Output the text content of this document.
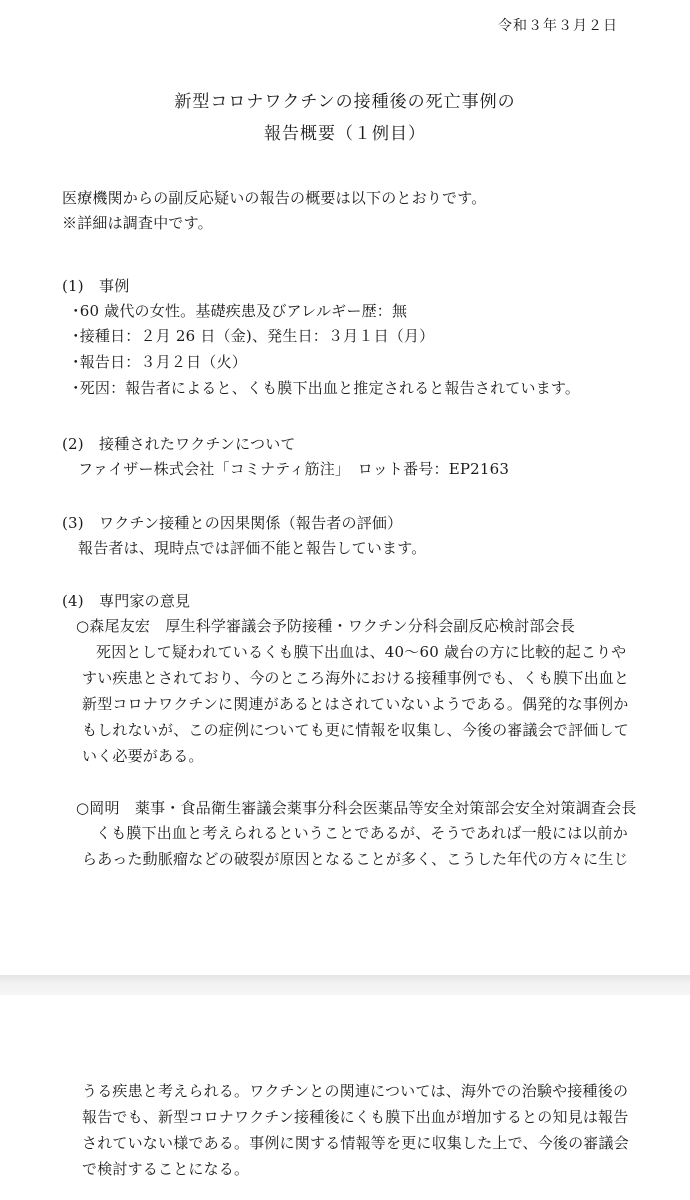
令和３年３月２日
新型コロナワクチンの接種後の死亡事例の
報告概要（１例目）
医療機関からの副反応疑いの報告の概要は以下のとおりです。
※詳細は調査中です。
(1)　事例
･60 歳代の女性。基礎疾患及びアレルギー歴：無
･接種日：２月 26 日（金)、発生日：３月１日（月）
･報告日：３月２日（火）
･死因：報告者によると、くも膜下出血と推定されると報告されています。
(2)　接種されたワクチンについて
ファイザー株式会社「コミナティ筋注」　ロット番号：EP2163
(3)　ワクチン接種との因果関係（報告者の評価）
報告者は、現時点では評価不能と報告しています。
(4)　専門家の意見
○森尾友宏　厚生科学審議会予防接種・ワクチン分科会副反応検討部会長
死因として疑われているくも膜下出血は、40～60 歳台の方に比較的起こりや
すい疾患とされており、今のところ海外における接種事例でも、くも膜下出血と
新型コロナワクチンに関連があるとはされていないようである。偶発的な事例か
もしれないが、この症例についても更に情報を収集し、今後の審議会で評価して
いく必要がある。
○岡明　薬事・食品衛生審議会薬事分科会医薬品等安全対策部会安全対策調査会長
くも膜下出血と考えられるということであるが、そうであれば一般には以前か
らあった動脈瘤などの破裂が原因となることが多く、こうした年代の方々に生じ
うる疾患と考えられる。ワクチンとの関連については、海外での治験や接種後の
報告でも、新型コロナワクチン接種後にくも膜下出血が増加するとの知見は報告
されていない様である。事例に関する情報等を更に収集した上で、今後の審議会
で検討することになる。
